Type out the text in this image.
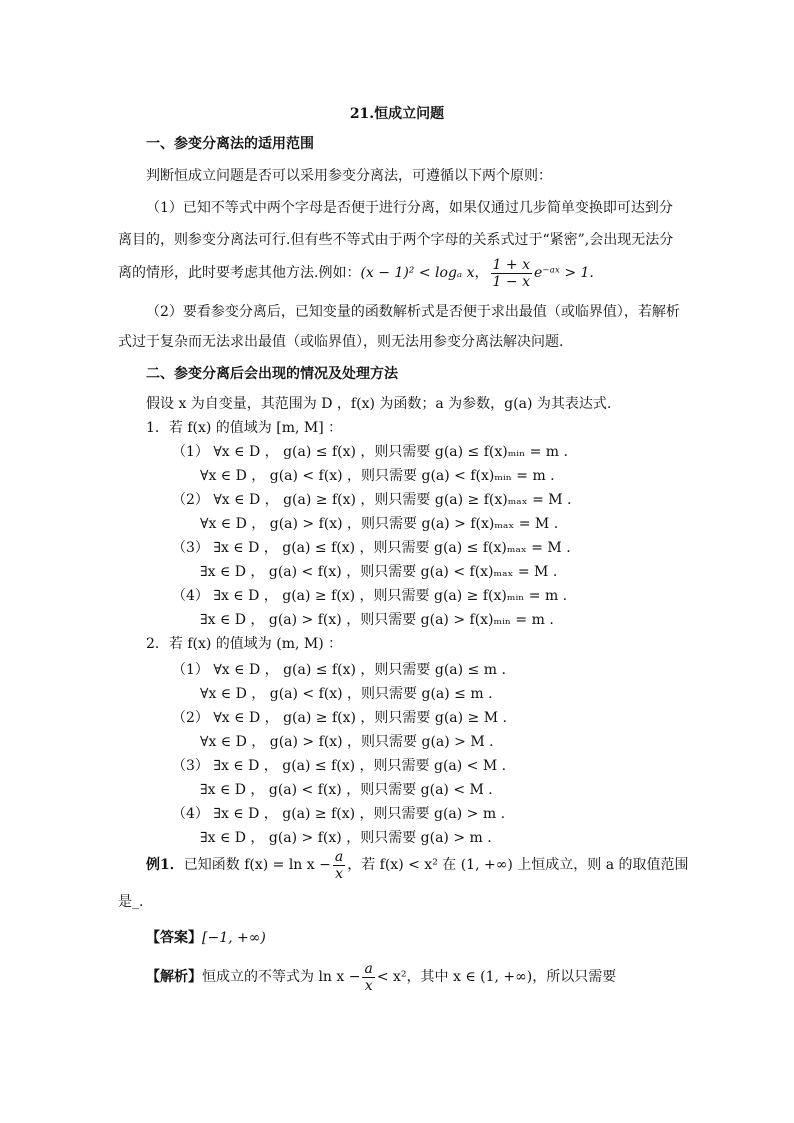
21.恒成立问题
一、参变分离法的适用范围
判断恒成立问题是否可以采用参变分离法，可遵循以下两个原则：
（1）已知不等式中两个字母是否便于进行分离，如果仅通过几步简单变换即可达到分
离目的，则参变分离法可行.但有些不等式由于两个字母的关系式过于“紧密”,会出现无法分
离的情形，此时要考虑其他方法.例如：(x − 1)² < logₐ x， $\frac{1 + x}{1 - x}$ e⁻ᵃˣ > 1.
（2）要看参变分离后，已知变量的函数解析式是否便于求出最值（或临界值），若解析
式过于复杂而无法求出最值（或临界值），则无法用参变分离法解决问题.
二、参变分离后会出现的情况及处理方法
假设 x 为自变量，其范围为 D ，f(x) 为函数；a 为参数，g(a) 为其表达式.
1．若 f(x) 的值域为 [m, M] ：
（1） ∀x ∈ D ， g(a) ≤ f(x) ，则只需要 g(a) ≤ f(x)ₘᵢₙ = m .
∀x ∈ D ， g(a) < f(x) ，则只需要 g(a) < f(x)ₘᵢₙ = m .
（2） ∀x ∈ D ， g(a) ≥ f(x) ，则只需要 g(a) ≥ f(x)ₘₐₓ = M .
∀x ∈ D ， g(a) > f(x) ，则只需要 g(a) > f(x)ₘₐₓ = M .
（3） ∃x ∈ D ， g(a) ≤ f(x) ，则只需要 g(a) ≤ f(x)ₘₐₓ = M .
∃x ∈ D ， g(a) < f(x) ，则只需要 g(a) < f(x)ₘₐₓ = M .
（4） ∃x ∈ D ， g(a) ≥ f(x) ，则只需要 g(a) ≥ f(x)ₘᵢₙ = m .
∃x ∈ D ， g(a) > f(x) ，则只需要 g(a) > f(x)ₘᵢₙ = m .
2．若 f(x) 的值域为 (m, M) ：
（1） ∀x ∈ D ， g(a) ≤ f(x) ，则只需要 g(a) ≤ m .
∀x ∈ D ， g(a) < f(x) ，则只需要 g(a) ≤ m .
（2） ∀x ∈ D ， g(a) ≥ f(x) ，则只需要 g(a) ≥ M .
∀x ∈ D ， g(a) > f(x) ，则只需要 g(a) > M .
（3） ∃x ∈ D ， g(a) ≤ f(x) ，则只需要 g(a) < M .
∃x ∈ D ， g(a) < f(x) ，则只需要 g(a) < M .
（4） ∃x ∈ D ， g(a) ≥ f(x) ，则只需要 g(a) > m .
∃x ∈ D ， g(a) > f(x) ，则只需要 g(a) > m .
例1．已知函数 $f(x) = \ln x - \frac{a}{x}$ ，若 f(x) < x² 在 (1, +∞) 上恒成立，则 a 的取值范围
是_.
【答案】[−1, +∞)
【解析】恒成立的不等式为 $\ln x - \frac{a}{x} < x^2$，其中 x ∈ (1, +∞)，所以只需要
